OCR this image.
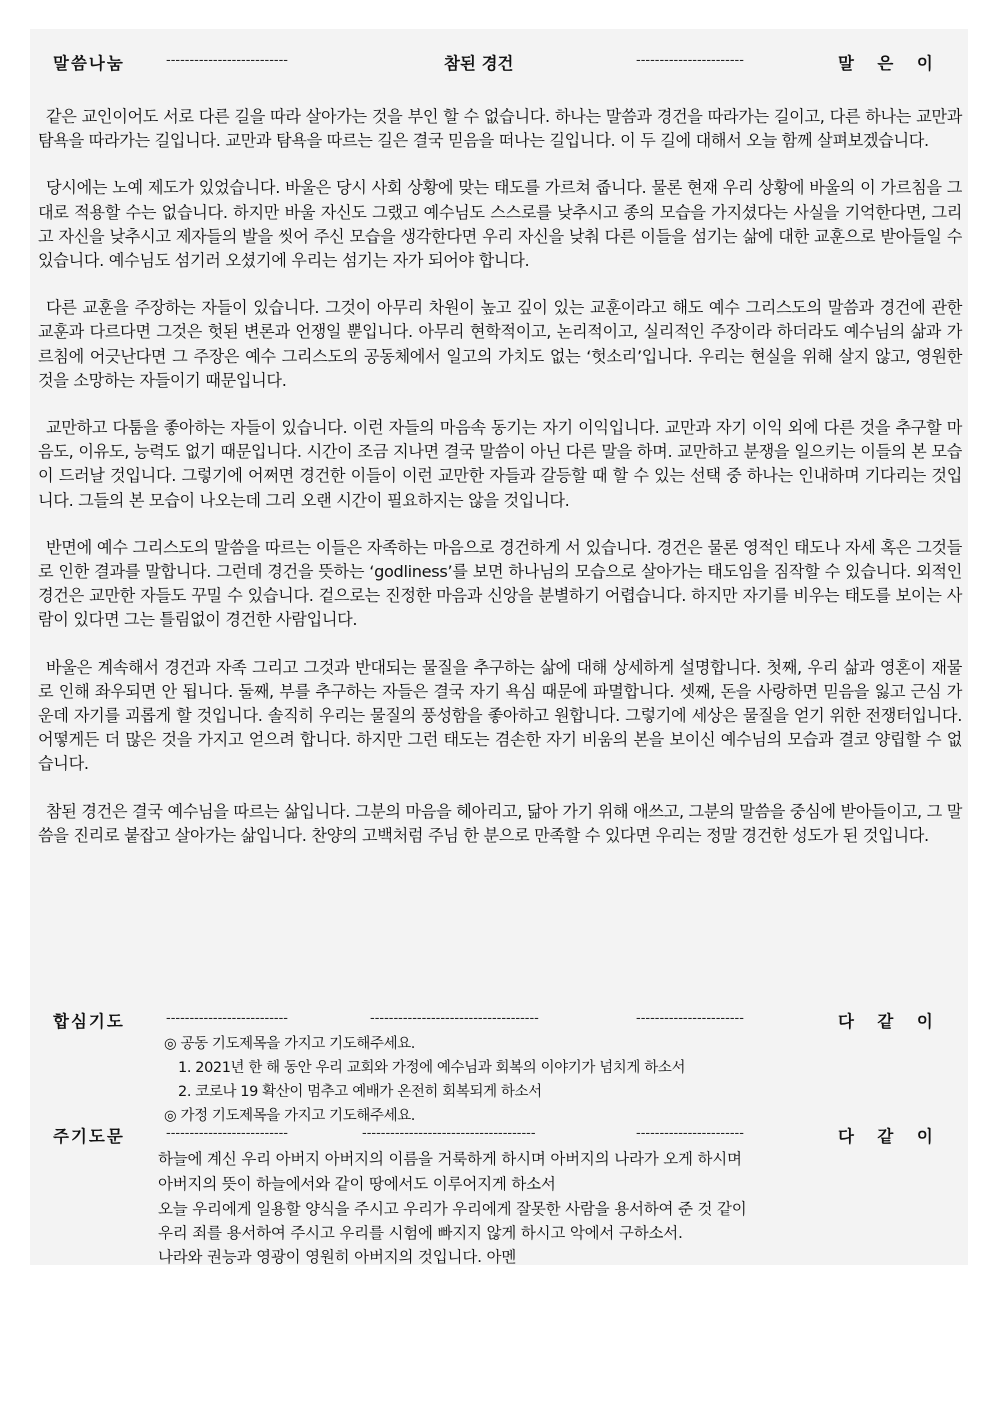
말씀나눔	--------------------------	참된 경건	-----------------------	말  은  이

같은 교인이어도 서로 다른 길을 따라 살아가는 것을 부인 할 수 없습니다. 하나는 말씀과 경건을 따라가는 길이고, 다른 하나는 교만과 탐욕을 따라가는 길입니다. 교만과 탐욕을 따르는 길은 결국 믿음을 떠나는 길입니다. 이 두 길에 대해서 오늘 함께 살펴보겠습니다.

당시에는 노예 제도가 있었습니다. 바울은 당시 사회 상황에 맞는 태도를 가르쳐 줍니다. 물론 현재 우리 상황에 바울의 이 가르침을 그대로 적용할 수는 없습니다. 하지만 바울 자신도 그랬고 예수님도 스스로를 낮추시고 종의 모습을 가지셨다는 사실을 기억한다면, 그리고 자신을 낮추시고 제자들의 발을 씻어 주신 모습을 생각한다면 우리 자신을 낮춰 다른 이들을 섬기는 삶에 대한 교훈으로 받아들일 수 있습니다. 예수님도 섬기러 오셨기에 우리는 섬기는 자가 되어야 합니다.

다른 교훈을 주장하는 자들이 있습니다. 그것이 아무리 차원이 높고 깊이 있는 교훈이라고 해도 예수 그리스도의 말씀과 경건에 관한 교훈과 다르다면 그것은 헛된 변론과 언쟁일 뿐입니다. 아무리 현학적이고, 논리적이고, 실리적인 주장이라 하더라도 예수님의 삶과 가르침에 어긋난다면 그 주장은 예수 그리스도의 공동체에서 일고의 가치도 없는 ‘헛소리’입니다. 우리는 현실을 위해 살지 않고, 영원한 것을 소망하는 자들이기 때문입니다.

교만하고 다툼을 좋아하는 자들이 있습니다. 이런 자들의 마음속 동기는 자기 이익입니다. 교만과 자기 이익 외에 다른 것을 추구할 마음도, 이유도, 능력도 없기 때문입니다. 시간이 조금 지나면 결국 말씀이 아닌 다른 말을 하며. 교만하고 분쟁을 일으키는 이들의 본 모습이 드러날 것입니다. 그렇기에 어쩌면 경건한 이들이 이런 교만한 자들과 갈등할 때 할 수 있는 선택 중 하나는 인내하며 기다리는 것입니다. 그들의 본 모습이 나오는데 그리 오랜 시간이 필요하지는 않을 것입니다.

반면에 예수 그리스도의 말씀을 따르는 이들은 자족하는 마음으로 경건하게 서 있습니다. 경건은 물론 영적인 태도나 자세 혹은 그것들로 인한 결과를 말합니다. 그런데 경건을 뜻하는 ‘godliness’를 보면 하나님의 모습으로 살아가는 태도임을 짐작할 수 있습니다. 외적인 경건은 교만한 자들도 꾸밀 수 있습니다. 겉으로는 진정한 마음과 신앙을 분별하기 어렵습니다. 하지만 자기를 비우는 태도를 보이는 사람이 있다면 그는 틀림없이 경건한 사람입니다.

바울은 계속해서 경건과 자족 그리고 그것과 반대되는 물질을 추구하는 삶에 대해 상세하게 설명합니다. 첫째, 우리 삶과 영혼이 재물로 인해 좌우되면 안 됩니다. 둘째, 부를 추구하는 자들은 결국 자기 욕심 때문에 파멸합니다. 셋째, 돈을 사랑하면 믿음을 잃고 근심 가운데 자기를 괴롭게 할 것입니다. 솔직히 우리는 물질의 풍성함을 좋아하고 원합니다. 그렇기에 세상은 물질을 얻기 위한 전쟁터입니다. 어떻게든 더 많은 것을 가지고 얻으려 합니다. 하지만 그런 태도는 겸손한 자기 비움의 본을 보이신 예수님의 모습과 결코 양립할 수 없습니다.

참된 경건은 결국 예수님을 따르는 삶입니다. 그분의 마음을 헤아리고, 닮아 가기 위해 애쓰고, 그분의 말씀을 중심에 받아들이고, 그 말씀을 진리로 붙잡고 살아가는 삶입니다. 찬양의 고백처럼 주님 한 분으로 만족할 수 있다면 우리는 정말 경건한 성도가 된 것입니다.

합심기도	--------------------------	------------------------------------	-----------------------	다  같  이
◎ 공동 기도제목을 가지고 기도해주세요.
1. 2021년 한 해 동안 우리 교회와 가정에 예수님과 회복의 이야기가 넘치게 하소서
2. 코로나 19 확산이 멈추고 예배가 온전히 회복되게 하소서
◎ 가정 기도제목을 가지고 기도해주세요.
주기도문	--------------------------	-------------------------------------	-----------------------	다  같  이
하늘에 계신 우리 아버지 아버지의 이름을 거룩하게 하시며 아버지의 나라가 오게 하시며
아버지의 뜻이 하늘에서와 같이 땅에서도 이루어지게 하소서
오늘 우리에게 일용할 양식을 주시고 우리가 우리에게 잘못한 사람을 용서하여 준 것 같이
우리 죄를 용서하여 주시고 우리를 시험에 빠지지 않게 하시고 악에서 구하소서.
나라와 권능과 영광이 영원히 아버지의 것입니다. 아멘
